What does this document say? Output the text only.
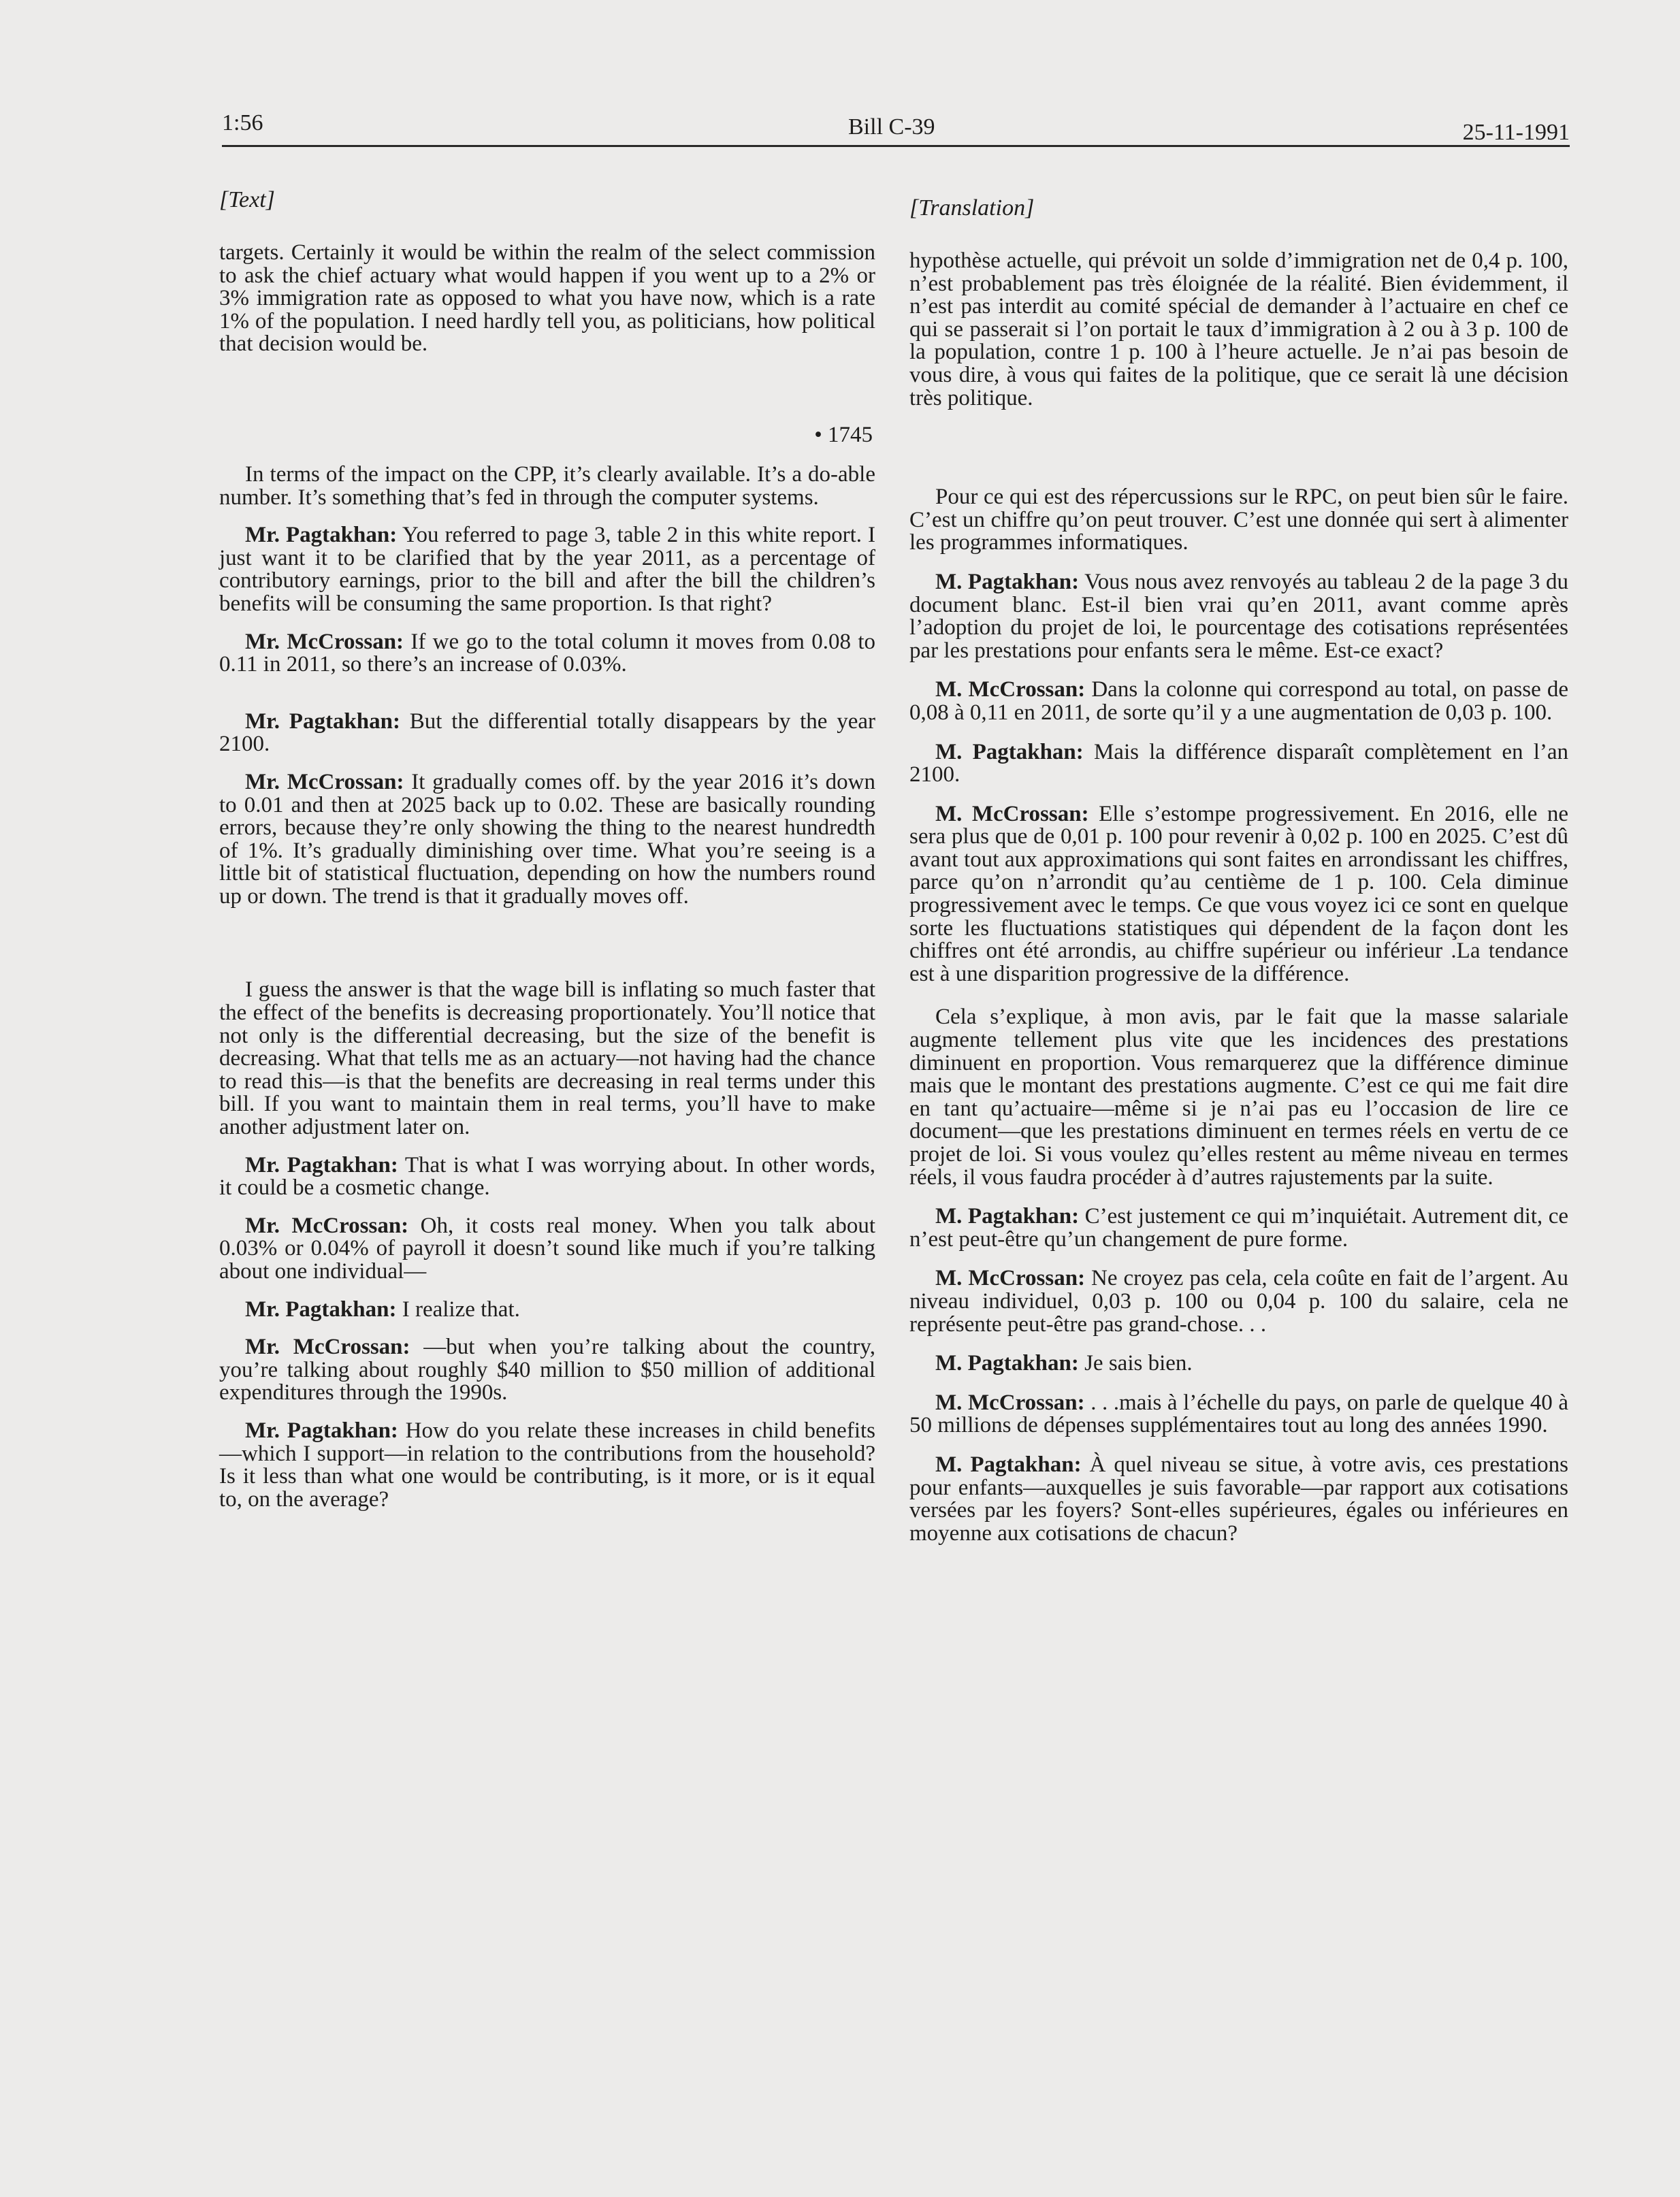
1:56	Bill C-39	25-11-1991
[Text]

targets. Certainly it would be within the realm of the select commission to ask the chief actuary what would happen if you went up to a 2% or 3% immigration rate as opposed to what you have now, which is a rate 1% of the population. I need hardly tell you, as politicians, how political that decision would be.

• 1745

In terms of the impact on the CPP, it’s clearly available. It’s a do-able number. It’s something that’s fed in through the computer systems.

Mr. Pagtakhan: You referred to page 3, table 2 in this white report. I just want it to be clarified that by the year 2011, as a percentage of contributory earnings, prior to the bill and after the bill the children’s benefits will be consuming the same proportion. Is that right?

Mr. McCrossan: If we go to the total column it moves from 0.08 to 0.11 in 2011, so there’s an increase of 0.03%.

Mr. Pagtakhan: But the differential totally disappears by the year 2100.

Mr. McCrossan: It gradually comes off. by the year 2016 it’s down to 0.01 and then at 2025 back up to 0.02. These are basically rounding errors, because they’re only showing the thing to the nearest hundredth of 1%. It’s gradually diminishing over time. What you’re seeing is a little bit of statistical fluctuation, depending on how the numbers round up or down. The trend is that it gradually moves off.

I guess the answer is that the wage bill is inflating so much faster that the effect of the benefits is decreasing proportionately. You’ll notice that not only is the differential decreasing, but the size of the benefit is decreasing. What that tells me as an actuary—not having had the chance to read this—is that the benefits are decreasing in real terms under this bill. If you want to maintain them in real terms, you’ll have to make another adjustment later on.

Mr. Pagtakhan: That is what I was worrying about. In other words, it could be a cosmetic change.

Mr. McCrossan: Oh, it costs real money. When you talk about 0.03% or 0.04% of payroll it doesn’t sound like much if you’re talking about one individual—

Mr. Pagtakhan: I realize that.

Mr. McCrossan: —but when you’re talking about the country, you’re talking about roughly $40 million to $50 million of additional expenditures through the 1990s.

Mr. Pagtakhan: How do you relate these increases in child benefits—which I support—in relation to the contributions from the household? Is it less than what one would be contributing, is it more, or is it equal to, on the average?

[Translation]

hypothèse actuelle, qui prévoit un solde d’immigration net de 0,4 p. 100, n’est probablement pas très éloignée de la réalité. Bien évidemment, il n’est pas interdit au comité spécial de demander à l’actuaire en chef ce qui se passerait si l’on portait le taux d’immigration à 2 ou à 3 p. 100 de la population, contre 1 p. 100 à l’heure actuelle. Je n’ai pas besoin de vous dire, à vous qui faites de la politique, que ce serait là une décision très politique.

Pour ce qui est des répercussions sur le RPC, on peut bien sûr le faire. C’est un chiffre qu’on peut trouver. C’est une donnée qui sert à alimenter les programmes informatiques.

M. Pagtakhan: Vous nous avez renvoyés au tableau 2 de la page 3 du document blanc. Est-il bien vrai qu’en 2011, avant comme après l’adoption du projet de loi, le pourcentage des cotisations représentées par les prestations pour enfants sera le même. Est-ce exact?

M. McCrossan: Dans la colonne qui correspond au total, on passe de 0,08 à 0,11 en 2011, de sorte qu’il y a une augmentation de 0,03 p. 100.

M. Pagtakhan: Mais la différence disparaît complètement en l’an 2100.

M. McCrossan: Elle s’estompe progressivement. En 2016, elle ne sera plus que de 0,01 p. 100 pour revenir à 0,02 p. 100 en 2025. C’est dû avant tout aux approximations qui sont faites en arrondissant les chiffres, parce qu’on n’arrondit qu’au centième de 1 p. 100. Cela diminue progressivement avec le temps. Ce que vous voyez ici ce sont en quelque sorte les fluctuations statistiques qui dépendent de la façon dont les chiffres ont été arrondis, au chiffre supérieur ou inférieur .La tendance est à une disparition progressive de la différence.

Cela s’explique, à mon avis, par le fait que la masse salariale augmente tellement plus vite que les incidences des prestations diminuent en proportion. Vous remarquerez que la différence diminue mais que le montant des prestations augmente. C’est ce qui me fait dire en tant qu’actuaire—même si je n’ai pas eu l’occasion de lire ce document—que les prestations diminuent en termes réels en vertu de ce projet de loi. Si vous voulez qu’elles restent au même niveau en termes réels, il vous faudra procéder à d’autres rajustements par la suite.

M. Pagtakhan: C’est justement ce qui m’inquiétait. Autrement dit, ce n’est peut-être qu’un changement de pure forme.

M. McCrossan: Ne croyez pas cela, cela coûte en fait de l’argent. Au niveau individuel, 0,03 p. 100 ou 0,04 p. 100 du salaire, cela ne représente peut-être pas grand-chose. . .

M. Pagtakhan: Je sais bien.

M. McCrossan: . . .mais à l’échelle du pays, on parle de quelque 40 à 50 millions de dépenses supplémentaires tout au long des années 1990.

M. Pagtakhan: À quel niveau se situe, à votre avis, ces prestations pour enfants—auxquelles je suis favorable—par rapport aux cotisations versées par les foyers? Sont-elles supérieures, égales ou inférieures en moyenne aux cotisations de chacun?
